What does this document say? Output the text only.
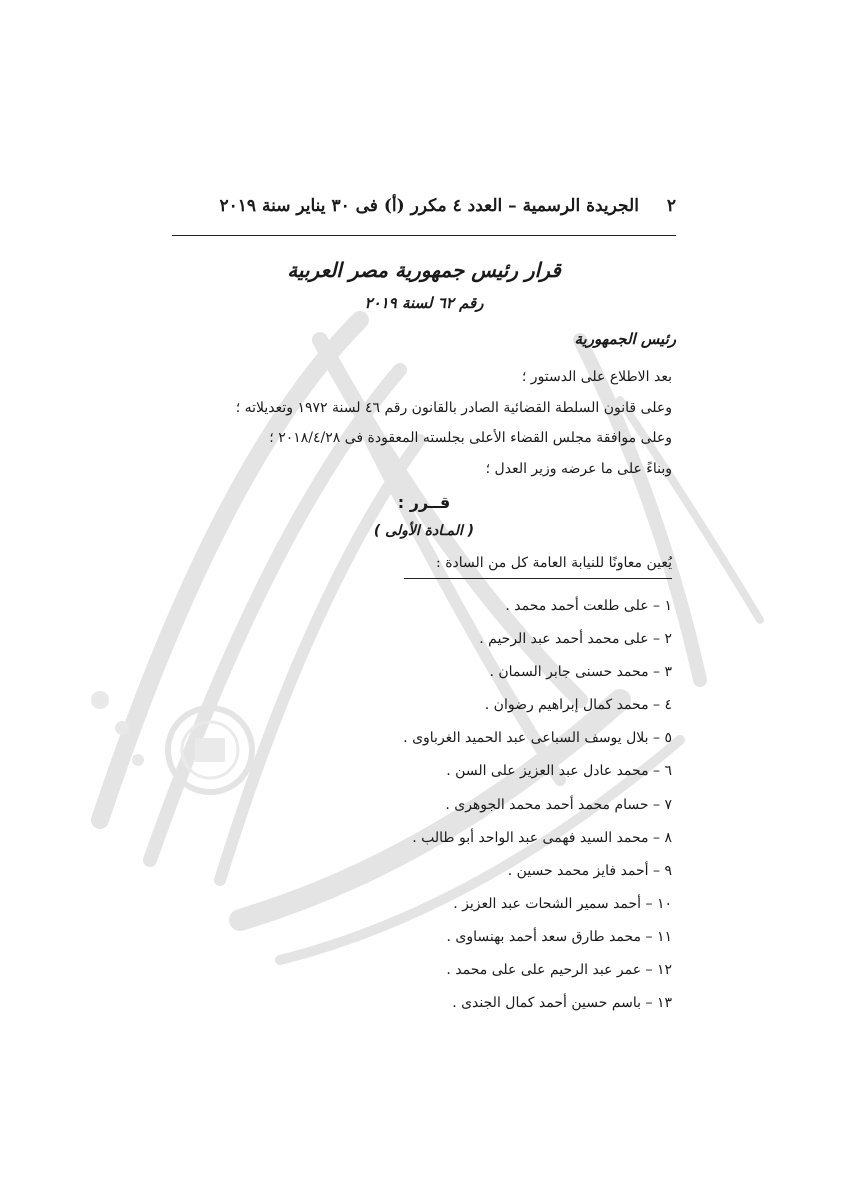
٢ الجريدة الرسمية – العدد ٤ مكرر (أ) فى ٣٠ يناير سنة ٢٠١٩
قرار رئيس جمهورية مصر العربية
رقم ٦٢ لسنة ٢٠١٩
رئيس الجمهورية
بعد الاطلاع على الدستور ؛
وعلى قانون السلطة القضائية الصادر بالقانون رقم ٤٦ لسنة ١٩٧٢ وتعديلاته ؛
وعلى موافقة مجلس القضاء الأعلى بجلسته المعقودة فى ٢٠١٨/٤/٢٨ ؛
وبناءً على ما عرضه وزير العدل ؛
قــرر :
( المـادة الأولى )
يُعين معاونًا للنيابة العامة كل من السادة :
١ – على طلعت أحمد محمد .
٢ – على محمد أحمد عبد الرحيم .
٣ – محمد حسنى جابر السمان .
٤ – محمد كمال إبراهيم رضوان .
٥ – بلال يوسف السباعى عبد الحميد الغرباوى .
٦ – محمد عادل عبد العزيز على السن .
٧ – حسام محمد أحمد محمد الجوهرى .
٨ – محمد السيد فهمى عبد الواحد أبو طالب .
٩ – أحمد فايز محمد حسين .
١٠ – أحمد سمير الشحات عبد العزيز .
١١ – محمد طارق سعد أحمد بهنساوى .
١٢ – عمر عبد الرحيم على على محمد .
١٣ – باسم حسين أحمد كمال الجندى .
